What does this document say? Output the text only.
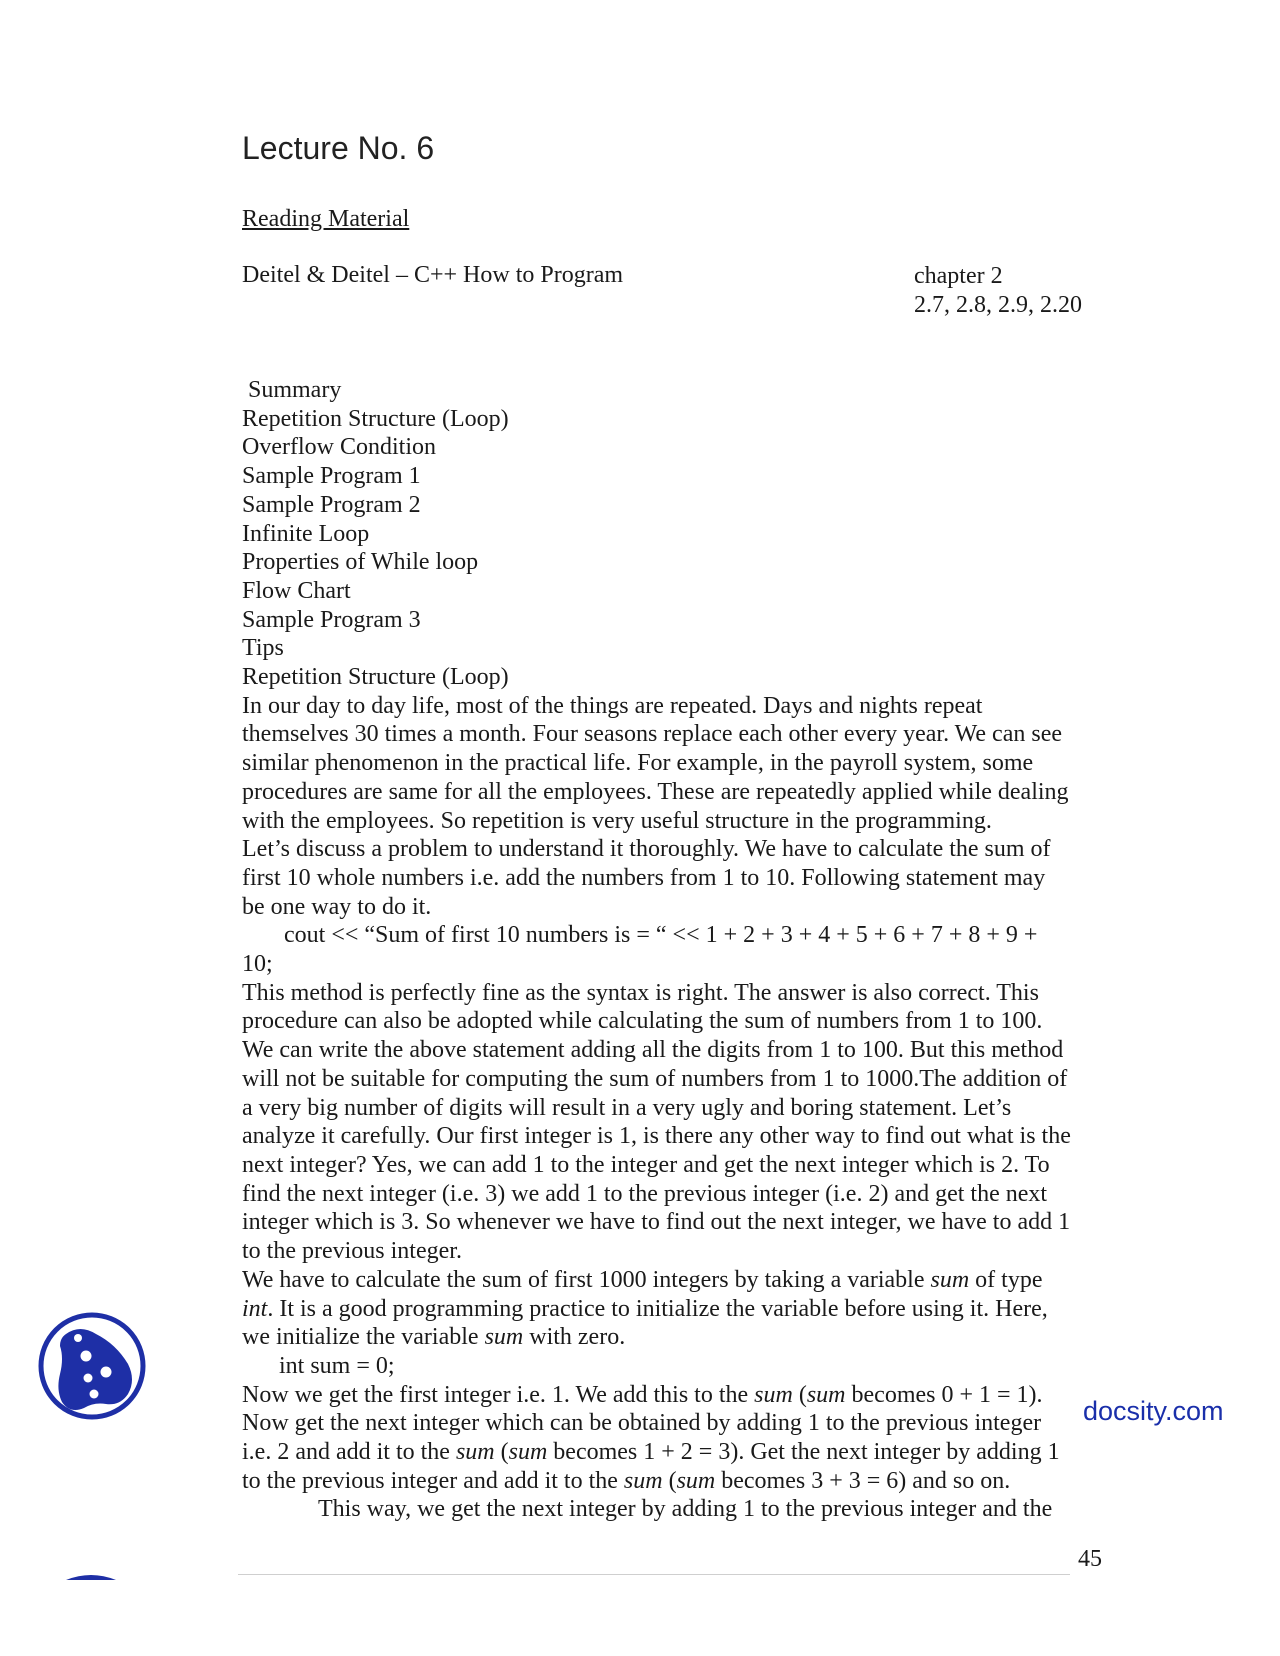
Lecture No. 6
Reading Material
Deitel & Deitel – C++ How to Program	chapter 2
2.7, 2.8, 2.9, 2.20
Summary
Repetition Structure (Loop)
Overflow Condition
Sample Program 1
Sample Program 2
Infinite Loop
Properties of While loop
Flow Chart
Sample Program 3
Tips
Repetition Structure (Loop)
In our day to day life, most of the things are repeated. Days and nights repeat
themselves 30 times a month. Four seasons replace each other every year. We can see
similar phenomenon in the practical life. For example, in the payroll system, some
procedures are same for all the employees. These are repeatedly applied while dealing
with the employees. So repetition is very useful structure in the programming.
Let’s discuss a problem to understand it thoroughly. We have to calculate the sum of
first 10 whole numbers i.e. add the numbers from 1 to 10. Following statement may
be one way to do it.
cout << “Sum of first 10 numbers is = “ << 1 + 2 + 3 + 4 + 5 + 6 + 7 + 8 + 9 +
10;
This method is perfectly fine as the syntax is right. The answer is also correct. This
procedure can also be adopted while calculating the sum of numbers from 1 to 100.
We can write the above statement adding all the digits from 1 to 100. But this method
will not be suitable for computing the sum of numbers from 1 to 1000.The addition of
a very big number of digits will result in a very ugly and boring statement. Let’s
analyze it carefully. Our first integer is 1, is there any other way to find out what is the
next integer? Yes, we can add 1 to the integer and get the next integer which is 2. To
find the next integer (i.e. 3) we add 1 to the previous integer (i.e. 2) and get the next
integer which is 3. So whenever we have to find out the next integer, we have to add 1
to the previous integer.
We have to calculate the sum of first 1000 integers by taking a variable sum of type
int. It is a good programming practice to initialize the variable before using it. Here,
we initialize the variable sum with zero.
int sum = 0;
Now we get the first integer i.e. 1. We add this to the sum (sum becomes 0 + 1 = 1).
Now get the next integer which can be obtained by adding 1 to the previous integer
i.e. 2 and add it to the sum (sum becomes 1 + 2 = 3). Get the next integer by adding 1
to the previous integer and add it to the sum (sum becomes 3 + 3 = 6) and so on.
This way, we get the next integer by adding 1 to the previous integer and the
45
docsity.com
